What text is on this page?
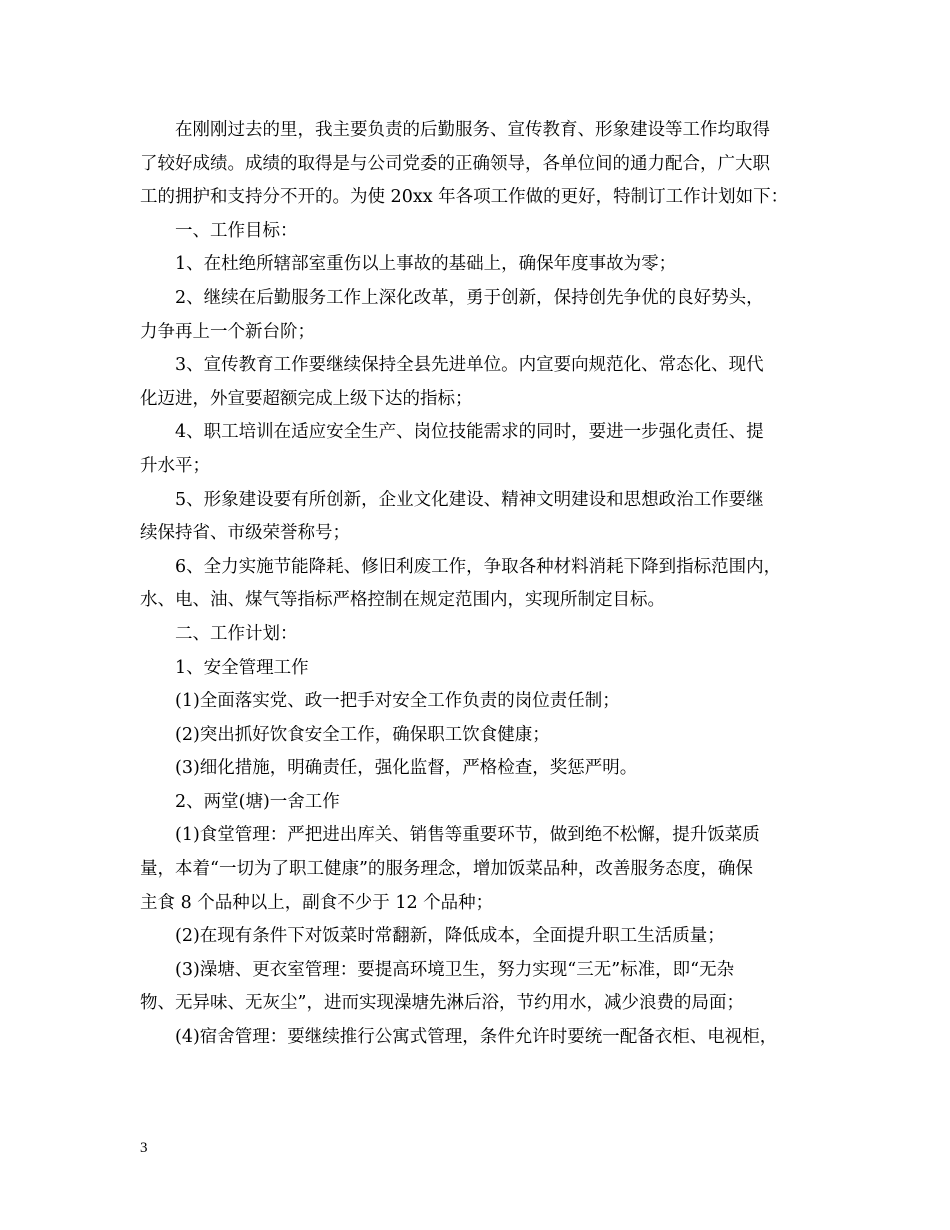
在刚刚过去的里，我主要负责的后勤服务、宣传教育、形象建设等工作均取得
了较好成绩。成绩的取得是与公司党委的正确领导，各单位间的通力配合，广大职
工的拥护和支持分不开的。为使 20xx 年各项工作做的更好，特制订工作计划如下：
一、工作目标：
1、在杜绝所辖部室重伤以上事故的基础上，确保年度事故为零；
2、继续在后勤服务工作上深化改革，勇于创新，保持创先争优的良好势头，
力争再上一个新台阶；
3、宣传教育工作要继续保持全县先进单位。内宣要向规范化、常态化、现代
化迈进，外宣要超额完成上级下达的指标；
4、职工培训在适应安全生产、岗位技能需求的同时，要进一步强化责任、提
升水平；
5、形象建设要有所创新，企业文化建设、精神文明建设和思想政治工作要继
续保持省、市级荣誉称号；
6、全力实施节能降耗、修旧利废工作，争取各种材料消耗下降到指标范围内，
水、电、油、煤气等指标严格控制在规定范围内，实现所制定目标。
二、工作计划：
1、安全管理工作
(1)全面落实党、政一把手对安全工作负责的岗位责任制；
(2)突出抓好饮食安全工作，确保职工饮食健康；
(3)细化措施，明确责任，强化监督，严格检查，奖惩严明。
2、两堂(塘)一舍工作
(1)食堂管理：严把进出库关、销售等重要环节，做到绝不松懈，提升饭菜质
量，本着“一切为了职工健康”的服务理念，增加饭菜品种，改善服务态度，确保
主食 8 个品种以上，副食不少于 12 个品种；
(2)在现有条件下对饭菜时常翻新，降低成本，全面提升职工生活质量；
(3)澡塘、更衣室管理：要提高环境卫生，努力实现“三无”标准，即“无杂
物、无异味、无灰尘”，进而实现澡塘先淋后浴，节约用水，减少浪费的局面；
(4)宿舍管理：要继续推行公寓式管理，条件允许时要统一配备衣柜、电视柜，
3
